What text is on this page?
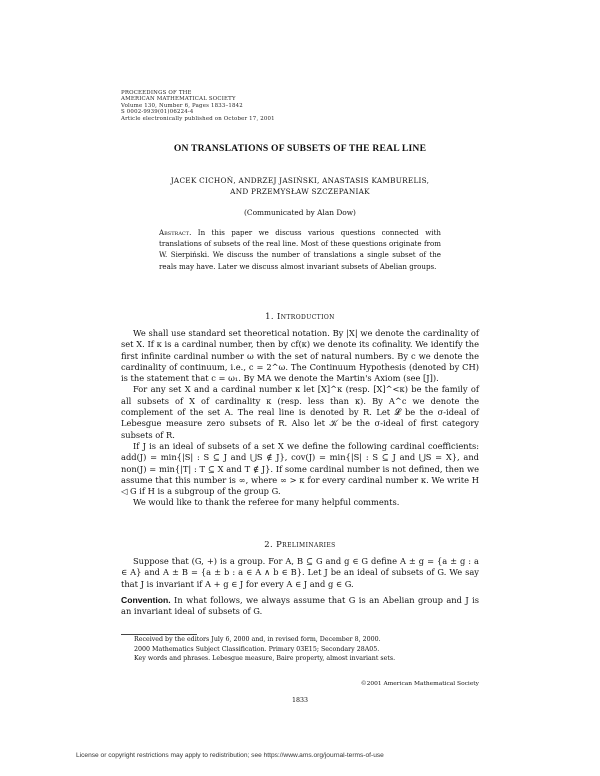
PROCEEDINGS OF THE
AMERICAN MATHEMATICAL SOCIETY
Volume 130, Number 6, Pages 1833–1842
S 0002-9939(01)06224-4
Article electronically published on October 17, 2001
ON TRANSLATIONS OF SUBSETS OF THE REAL LINE
JACEK CICHOŃ, ANDRZEJ JASIŃSKI, ANASTASIS KAMBURELIS,
AND PRZEMYSŁAW SZCZEPANIAK
(Communicated by Alan Dow)
Abstract. In this paper we discuss various questions connected with translations of subsets of the real line. Most of these questions originate from W. Sierpiński. We discuss the number of translations a single subset of the reals may have. Later we discuss almost invariant subsets of Abelian groups.
1. Introduction

We shall use standard set theoretical notation. By |X| we denote the cardinality of set X. If κ is a cardinal number, then by cf(κ) we denote its cofinality. We identify the first infinite cardinal number ω with the set of natural numbers. By c we denote the cardinality of continuum, i.e., c = 2^ω. The Continuum Hypothesis (denoted by CH) is the statement that c = ω₁. By MA we denote the Martin's Axiom (see [J]).

For any set X and a cardinal number κ let [X]^κ (resp. [X]^<κ) be the family of all subsets of X of cardinality κ (resp. less than κ). By A^c we denote the complement of the set A. The real line is denoted by R. Let 𝓛 be the σ-ideal of Lebesgue measure zero subsets of R. Also let 𝒦 be the σ-ideal of first category subsets of R.

If J is an ideal of subsets of a set X we define the following cardinal coefficients: add(J) = min{|S| : S ⊆ J and ⋃S ∉ J}, cov(J) = min{|S| : S ⊆ J and ⋃S = X}, and non(J) = min{|T| : T ⊆ X and T ∉ J}. If some cardinal number is not defined, then we assume that this number is ∞, where ∞ > κ for every cardinal number κ. We write H ◁ G if H is a subgroup of the group G.

We would like to thank the referee for many helpful comments.

2. Preliminaries

Suppose that (G, +) is a group. For A, B ⊆ G and g ∈ G define A ± g = {a ± g : a ∈ A} and A ± B = {a ± b : a ∈ A ∧ b ∈ B}. Let J be an ideal of subsets of G. We say that J is invariant if A + g ∈ J for every A ∈ J and g ∈ G.

Convention. In what follows, we always assume that G is an Abelian group and J is an invariant ideal of subsets of G.

Received by the editors July 6, 2000 and, in revised form, December 8, 2000.
2000 Mathematics Subject Classification. Primary 03E15; Secondary 28A05.
Key words and phrases. Lebesgue measure, Baire property, almost invariant sets.
©2001 American Mathematical Society
1833
License or copyright restrictions may apply to redistribution; see https://www.ams.org/journal-terms-of-use
